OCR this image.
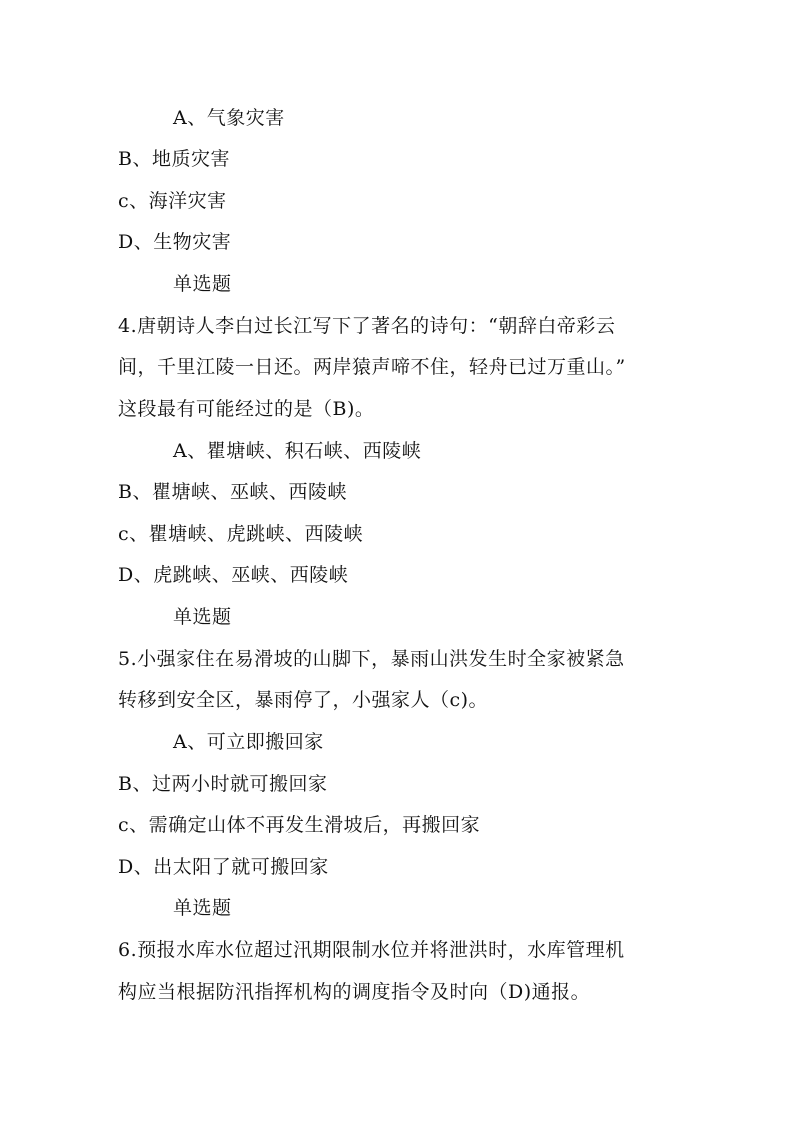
A、气象灾害
B、地质灾害
c、海洋灾害
D、生物灾害
单选题
4.唐朝诗人李白过长江写下了著名的诗句：“朝辞白帝彩云
间，千里江陵一日还。两岸猿声啼不住，轻舟已过万重山。”
这段最有可能经过的是（B)。
A、瞿塘峡、积石峡、西陵峡
B、瞿塘峡、巫峡、西陵峡
c、瞿塘峡、虎跳峡、西陵峡
D、虎跳峡、巫峡、西陵峡
单选题
5.小强家住在易滑坡的山脚下，暴雨山洪发生时全家被紧急
转移到安全区，暴雨停了，小强家人（c)。
A、可立即搬回家
B、过两小时就可搬回家
c、需确定山体不再发生滑坡后，再搬回家
D、出太阳了就可搬回家
单选题
6.预报水库水位超过汛期限制水位并将泄洪时，水库管理机
构应当根据防汛指挥机构的调度指令及时向（D)通报。
